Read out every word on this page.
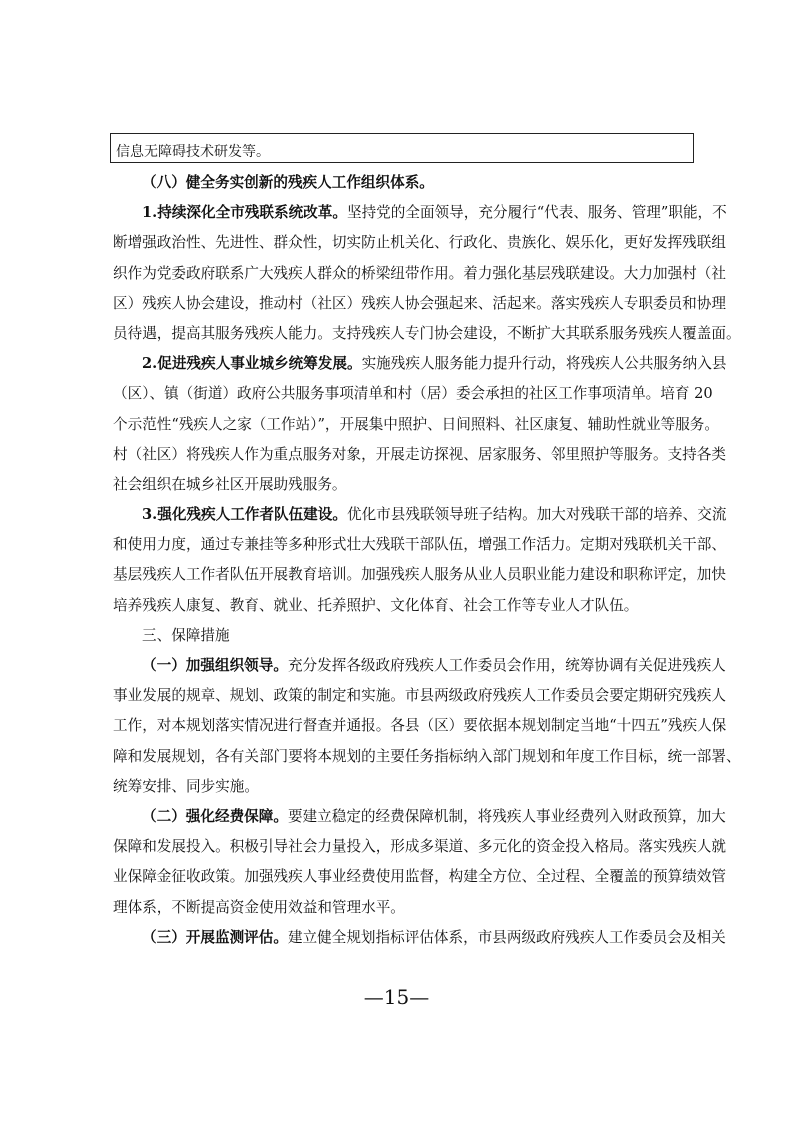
信息无障碍技术研发等。
（八）健全务实创新的残疾人工作组织体系。
1.持续深化全市残联系统改革。坚持党的全面领导，充分履行“代表、服务、管理”职能，不
断增强政治性、先进性、群众性，切实防止机关化、行政化、贵族化、娱乐化，更好发挥残联组
织作为党委政府联系广大残疾人群众的桥梁纽带作用。着力强化基层残联建设。大力加强村（社
区）残疾人协会建设，推动村（社区）残疾人协会强起来、活起来。落实残疾人专职委员和协理
员待遇，提高其服务残疾人能力。支持残疾人专门协会建设，不断扩大其联系服务残疾人覆盖面。
2.促进残疾人事业城乡统筹发展。实施残疾人服务能力提升行动，将残疾人公共服务纳入县
（区）、镇（街道）政府公共服务事项清单和村（居）委会承担的社区工作事项清单。培育 20
个示范性“残疾人之家（工作站）”，开展集中照护、日间照料、社区康复、辅助性就业等服务。
村（社区）将残疾人作为重点服务对象，开展走访探视、居家服务、邻里照护等服务。支持各类
社会组织在城乡社区开展助残服务。
3.强化残疾人工作者队伍建设。优化市县残联领导班子结构。加大对残联干部的培养、交流
和使用力度，通过专兼挂等多种形式壮大残联干部队伍，增强工作活力。定期对残联机关干部、
基层残疾人工作者队伍开展教育培训。加强残疾人服务从业人员职业能力建设和职称评定，加快
培养残疾人康复、教育、就业、托养照护、文化体育、社会工作等专业人才队伍。
三、保障措施
（一）加强组织领导。充分发挥各级政府残疾人工作委员会作用，统筹协调有关促进残疾人
事业发展的规章、规划、政策的制定和实施。市县两级政府残疾人工作委员会要定期研究残疾人
工作，对本规划落实情况进行督查并通报。各县（区）要依据本规划制定当地“十四五”残疾人保
障和发展规划，各有关部门要将本规划的主要任务指标纳入部门规划和年度工作目标，统一部署、
统筹安排、同步实施。
（二）强化经费保障。要建立稳定的经费保障机制，将残疾人事业经费列入财政预算，加大
保障和发展投入。积极引导社会力量投入，形成多渠道、多元化的资金投入格局。落实残疾人就
业保障金征收政策。加强残疾人事业经费使用监督，构建全方位、全过程、全覆盖的预算绩效管
理体系，不断提高资金使用效益和管理水平。
（三）开展监测评估。建立健全规划指标评估体系，市县两级政府残疾人工作委员会及相关
—15—
